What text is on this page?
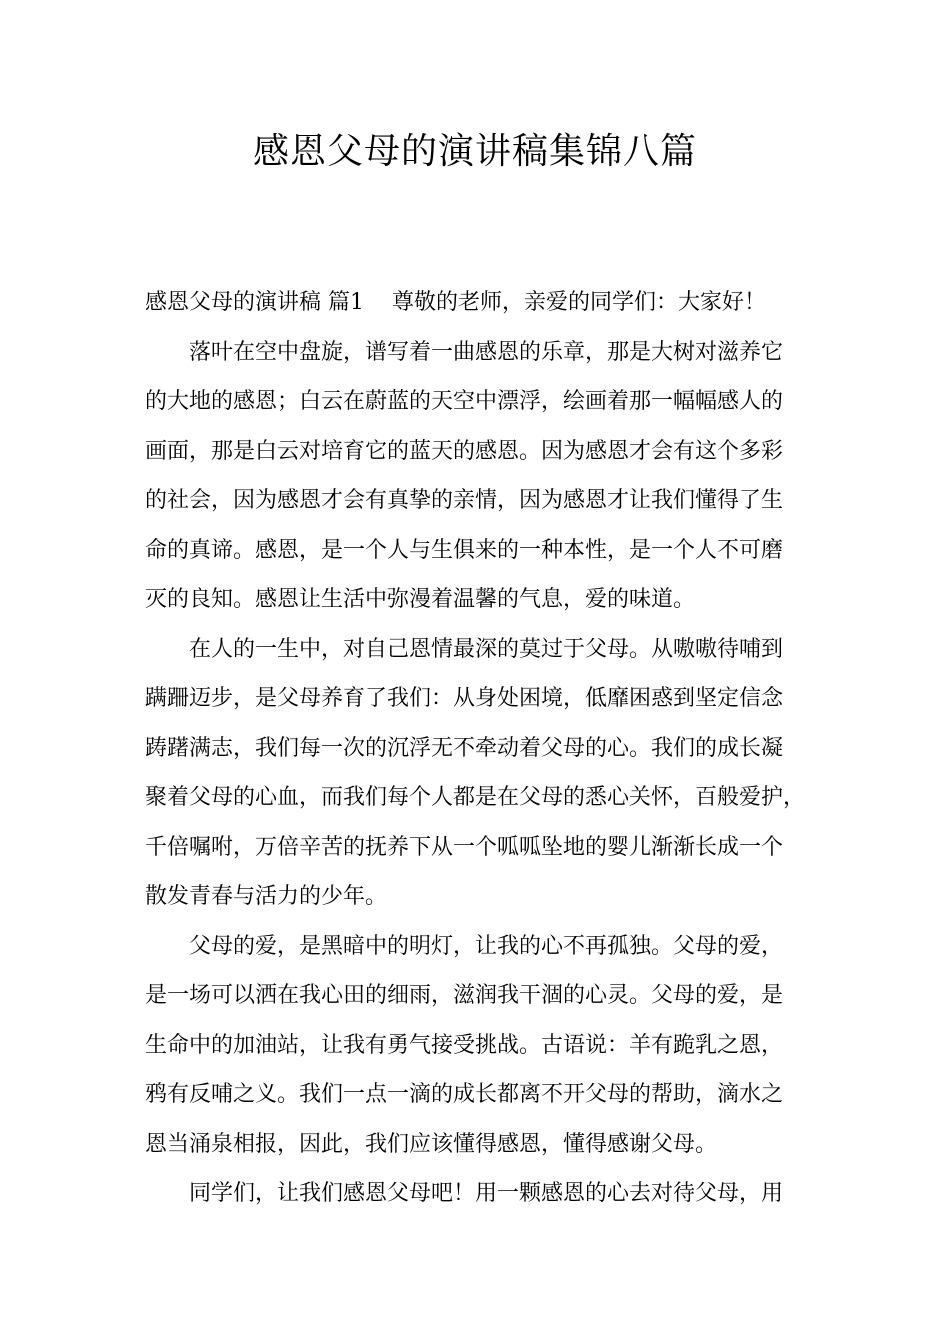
感恩父母的演讲稿集锦八篇
感恩父母的演讲稿 篇1 尊敬的老师，亲爱的同学们：大家好！
落叶在空中盘旋，谱写着一曲感恩的乐章，那是大树对滋养它
的大地的感恩；白云在蔚蓝的天空中漂浮，绘画着那一幅幅感人的
画面，那是白云对培育它的蓝天的感恩。因为感恩才会有这个多彩
的社会，因为感恩才会有真挚的亲情，因为感恩才让我们懂得了生
命的真谛。感恩，是一个人与生俱来的一种本性，是一个人不可磨
灭的良知。感恩让生活中弥漫着温馨的气息，爱的味道。
在人的一生中，对自己恩情最深的莫过于父母。从嗷嗷待哺到
蹒跚迈步，是父母养育了我们：从身处困境，低靡困惑到坚定信念
踌躇满志，我们每一次的沉浮无不牵动着父母的心。我们的成长凝
聚着父母的心血，而我们每个人都是在父母的悉心关怀，百般爱护，
千倍嘱咐，万倍辛苦的抚养下从一个呱呱坠地的婴儿渐渐长成一个
散发青春与活力的少年。
父母的爱，是黑暗中的明灯，让我的心不再孤独。父母的爱，
是一场可以洒在我心田的细雨，滋润我干涸的心灵。父母的爱，是
生命中的加油站，让我有勇气接受挑战。古语说：羊有跪乳之恩，
鸦有反哺之义。我们一点一滴的成长都离不开父母的帮助，滴水之
恩当涌泉相报，因此，我们应该懂得感恩，懂得感谢父母。
同学们，让我们感恩父母吧！用一颗感恩的心去对待父母，用
